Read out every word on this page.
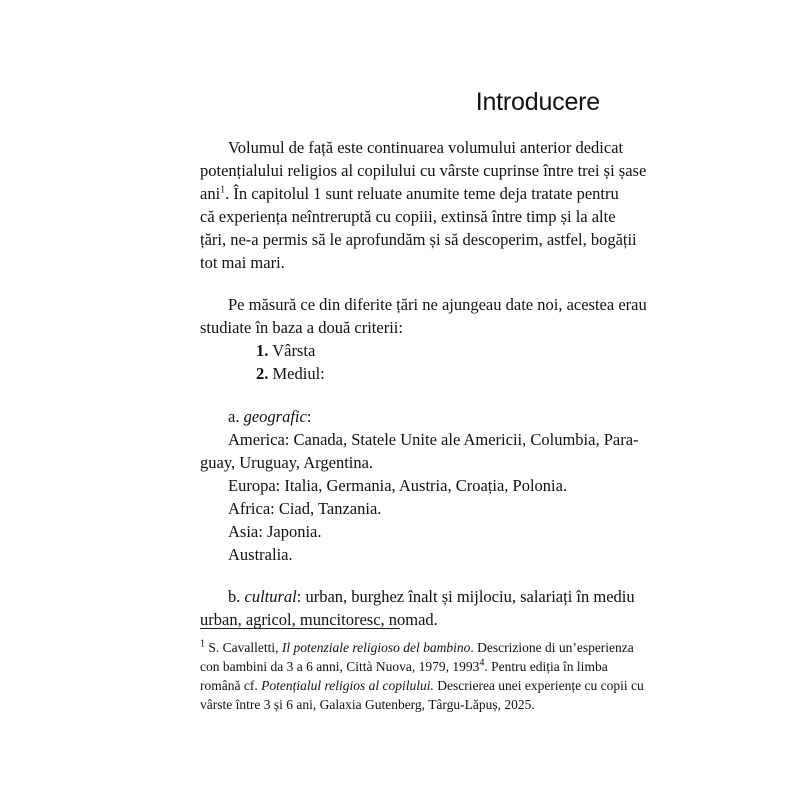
Introducere
Volumul de față este continuarea volumului anterior dedicat
potențialului religios al copilului cu vârste cuprinse între trei și șase
ani$^1$. În capitolul 1 sunt reluate anumite teme deja tratate pentru
că experiența neîntreruptă cu copiii, extinsă între timp și la alte
țări, ne-a permis să le aprofundăm și să descoperim, astfel, bogății
tot mai mari.
Pe măsură ce din diferite țări ne ajungeau date noi, acestea erau
studiate în baza a două criterii:
1. Vârsta
2. Mediul:
a. geografic:
America: Canada, Statele Unite ale Americii, Columbia, Para-
guay, Uruguay, Argentina.
Europa: Italia, Germania, Austria, Croația, Polonia.
Africa: Ciad, Tanzania.
Asia: Japonia.
Australia.
b. cultural: urban, burghez înalt și mijlociu, salariați în mediu
urban, agricol, muncitoresc, nomad.
$^1$ S. Cavalletti, Il potenziale religioso del bambino. Descrizione di un’esperienza
con bambini da 3 a 6 anni, Città Nuova, 1979, 1993$^4$. Pentru ediția în limba
română cf. Potențialul religios al copilului. Descrierea unei experiențe cu copii cu
vârste între 3 și 6 ani, Galaxia Gutenberg, Târgu-Lăpuș, 2025.
